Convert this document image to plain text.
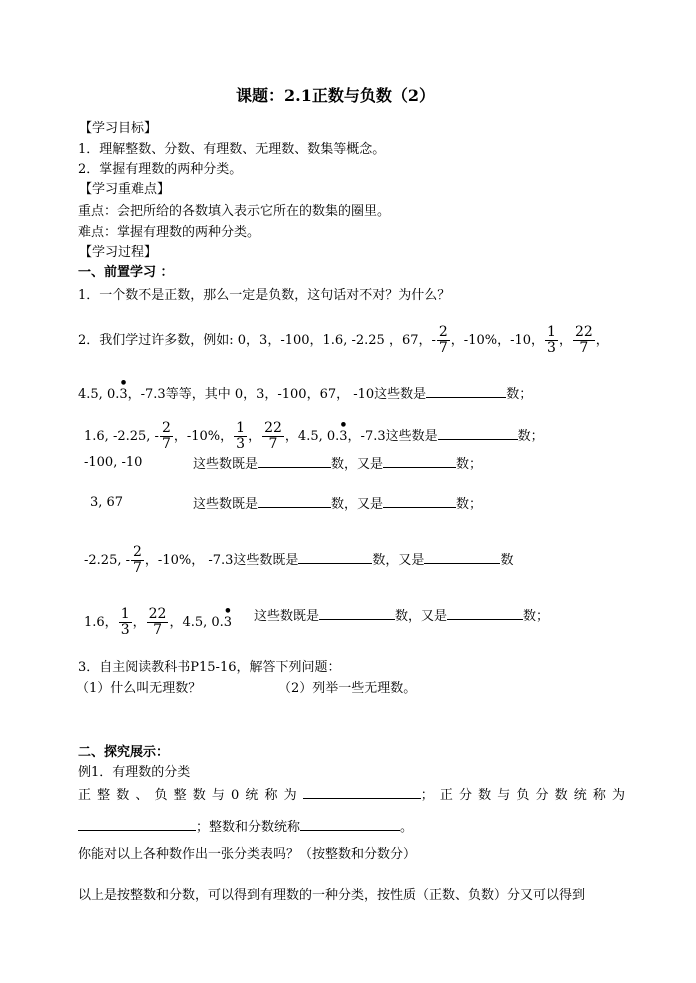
课题：2.1正数与负数（2）
【学习目标】
1．理解整数、分数、有理数、无理数、数集等概念。
2．掌握有理数的两种分类。
【学习重难点】
重点：会把所给的各数填入表示它所在的数集的圈里。
难点：掌握有理数的两种分类。
【学习过程】
一、前置学习 ：
1．一个数不是正数，那么一定是负数，这句话对不对？为什么？
2．我们学过许多数，例如: 0，3，-100，1.6, -2.25 ，67，- $\frac{2}{7}$ ，-10%，-10， $\frac{1}{3}$ ， $\frac{22}{7}$ ，
4.5, 0.
•
3，-7.3等等，其中 0，3，-100，67， -10这些数是	数；
1.6, -2.25, - $\frac{2}{7}$ ，-10%， $\frac{1}{3}$ ， $\frac{22}{7}$ ，4.5, 0.
•
3，-7.3这些数是	数；
-100, -10	这些数既是	数，又是	数；
3, 67	这些数既是	数，又是	数；
-2.25, - $\frac{2}{7}$ ，-10%， -7.3这些数既是	数，又是	数
1.6， $\frac{1}{3}$ ， $\frac{22}{7}$ ，4.5, 0.
•
3 这些数既是	数，又是	数；
3．自主阅读教科书P15-16，解答下列问题：
（1）什么叫无理数？	（2）列举一些无理数。
二、探究展示：
例1．有理数的分类
正整数、负整数与0统称为	；正分数与负分数统称为
；整数和分数统称	。
你能对以上各种数作出一张分类表吗？（按整数和分数分）
以上是按整数和分数，可以得到有理数的一种分类，按性质（正数、负数）分又可以得到
